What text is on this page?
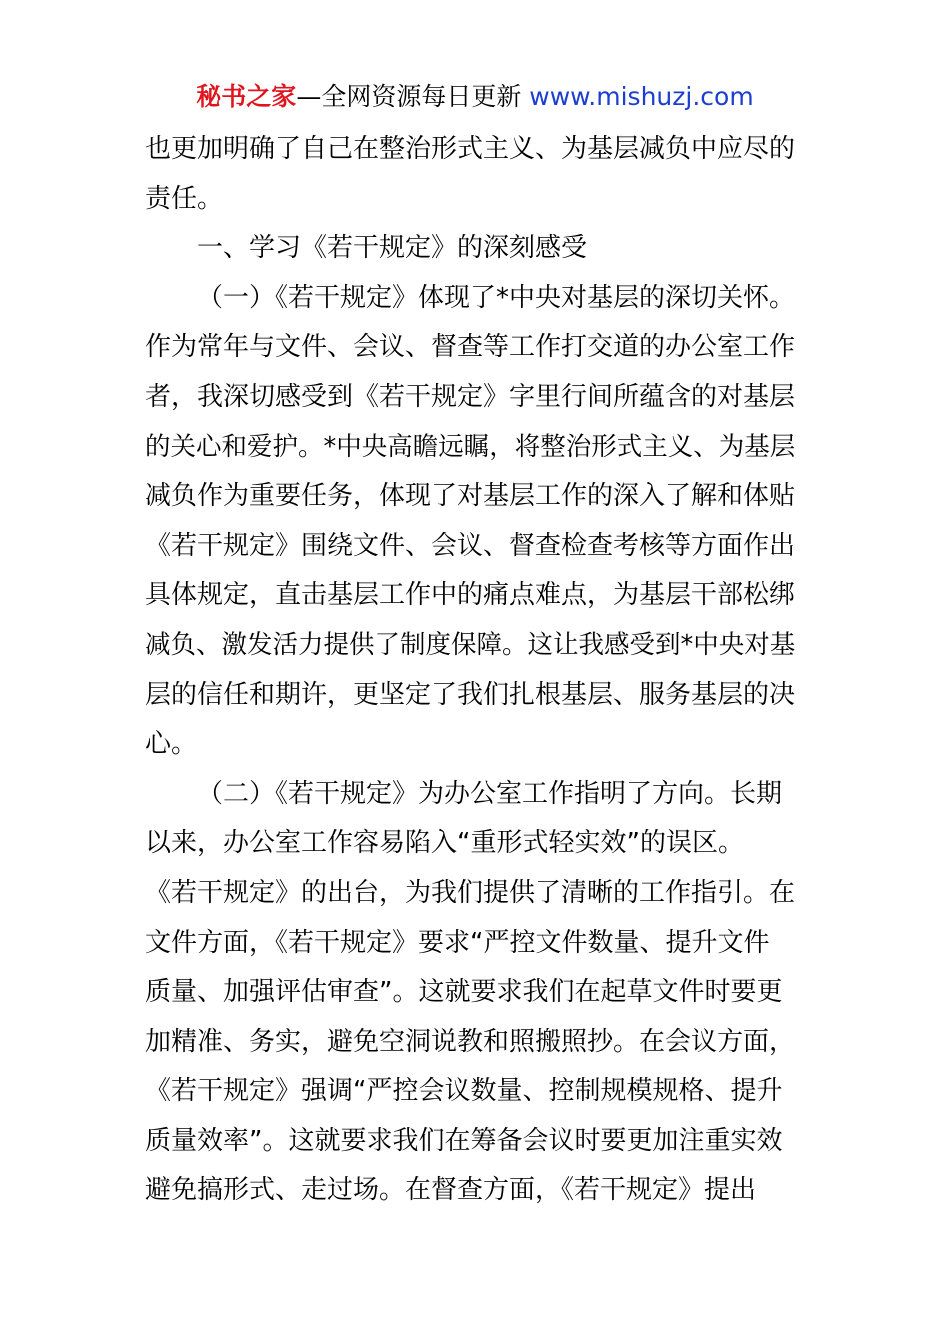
秘书之家—全网资源每日更新 www.mishuzj.com
也更加明确了自己在整治形式主义、为基层减负中应尽的
责任。
一、学习《若干规定》的深刻感受
（一）《若干规定》体现了*中央对基层的深切关怀。
作为常年与文件、会议、督查等工作打交道的办公室工作
者，我深切感受到《若干规定》字里行间所蕴含的对基层
的关心和爱护。*中央高瞻远瞩，将整治形式主义、为基层
减负作为重要任务，体现了对基层工作的深入了解和体贴
《若干规定》围绕文件、会议、督查检查考核等方面作出
具体规定，直击基层工作中的痛点难点，为基层干部松绑
减负、激发活力提供了制度保障。这让我感受到*中央对基
层的信任和期许，更坚定了我们扎根基层、服务基层的决
心。
（二）《若干规定》为办公室工作指明了方向。长期
以来，办公室工作容易陷入“重形式轻实效”的误区。
《若干规定》的出台，为我们提供了清晰的工作指引。在
文件方面，《若干规定》要求“严控文件数量、提升文件
质量、加强评估审查”。这就要求我们在起草文件时要更
加精准、务实，避免空洞说教和照搬照抄。在会议方面，
《若干规定》强调“严控会议数量、控制规模规格、提升
质量效率”。这就要求我们在筹备会议时要更加注重实效
避免搞形式、走过场。在督查方面，《若干规定》提出
